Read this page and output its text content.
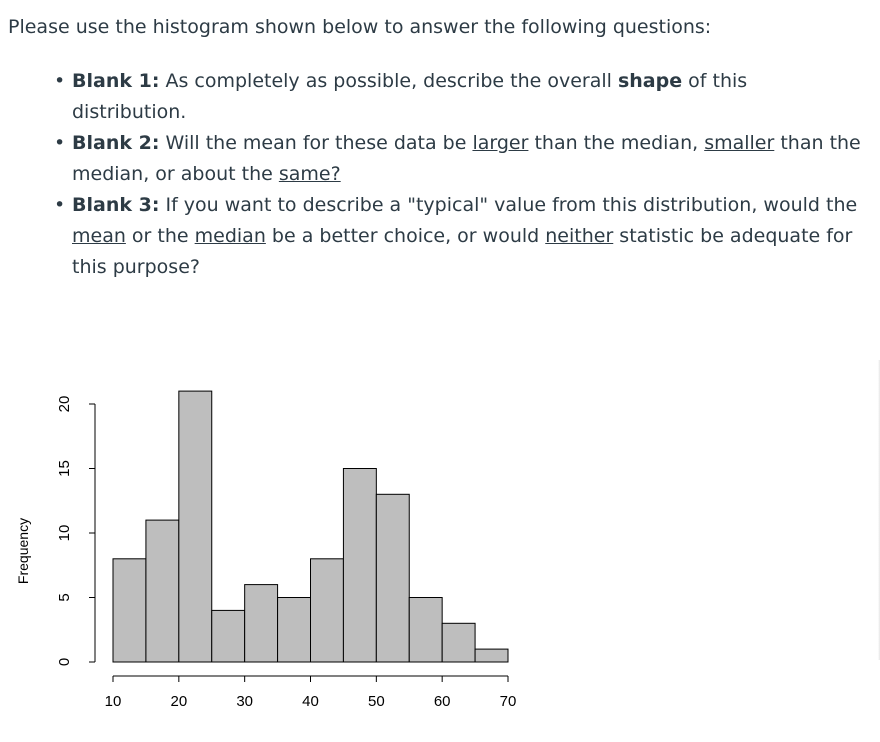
Please use the histogram shown below to answer the following questions:

• Blank 1: As completely as possible, describe the overall shape of this distribution.
• Blank 2: Will the mean for these data be larger than the median, smaller than the median, or about the same?
• Blank 3: If you want to describe a "typical" value from this distribution, would the mean or the median be a better choice, or would neither statistic be adequate for this purpose?
0
5
10
15
20
10	20	30	40	50	60	70
Frequency
